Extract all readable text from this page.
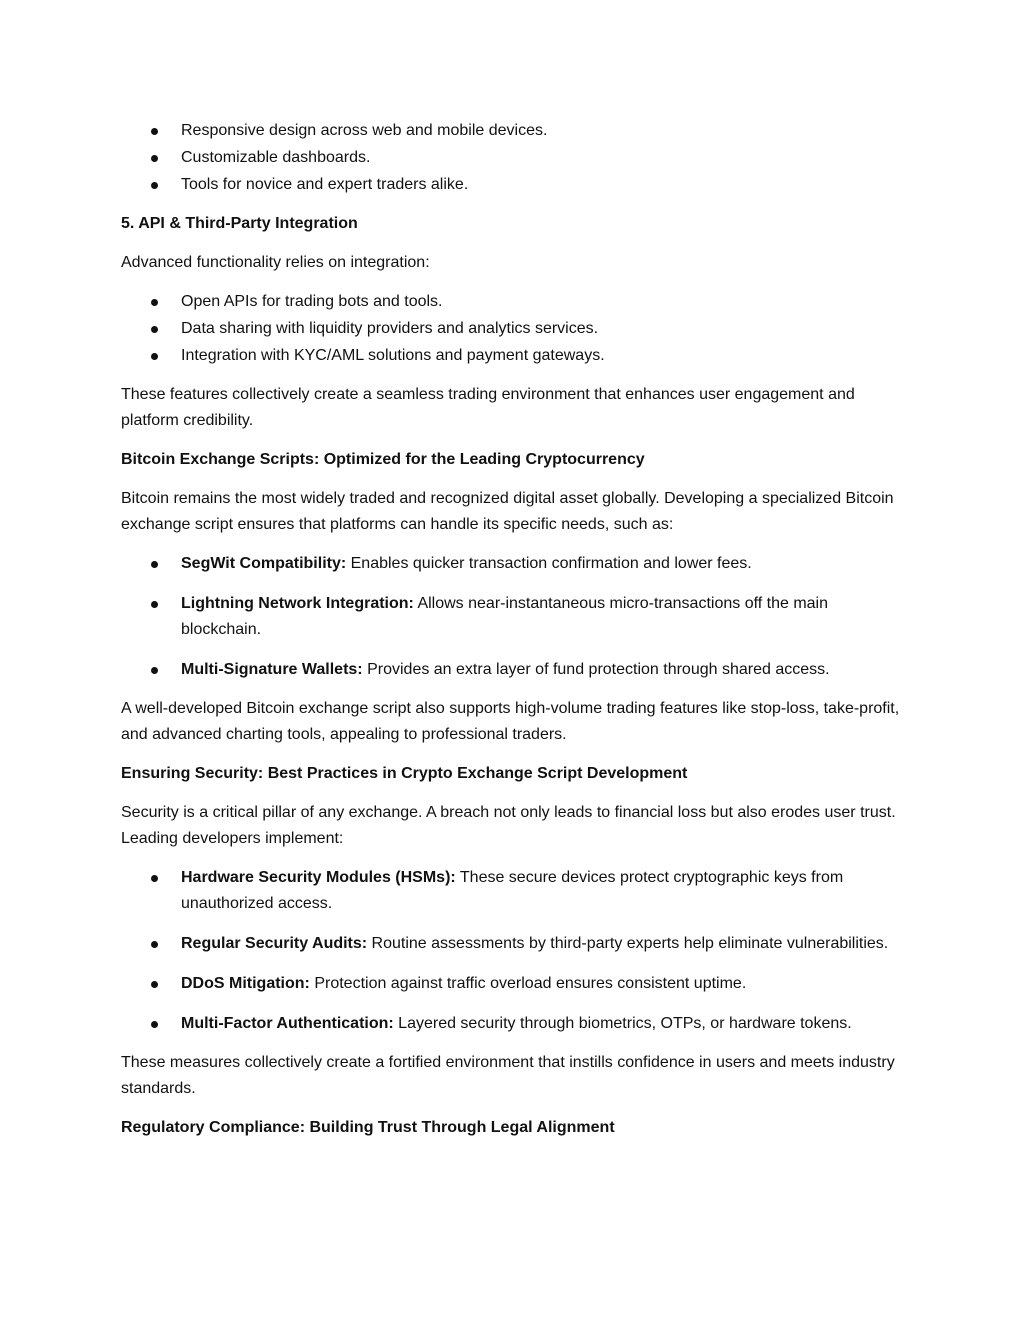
Responsive design across web and mobile devices.
Customizable dashboards.
Tools for novice and expert traders alike.
5. API & Third-Party Integration

Advanced functionality relies on integration:

Open APIs for trading bots and tools.
Data sharing with liquidity providers and analytics services.
Integration with KYC/AML solutions and payment gateways.

These features collectively create a seamless trading environment that enhances user engagement and platform credibility.

Bitcoin Exchange Scripts: Optimized for the Leading Cryptocurrency

Bitcoin remains the most widely traded and recognized digital asset globally. Developing a specialized Bitcoin exchange script ensures that platforms can handle its specific needs, such as:

SegWit Compatibility: Enables quicker transaction confirmation and lower fees.
Lightning Network Integration: Allows near-instantaneous micro-transactions off the main blockchain.
Multi-Signature Wallets: Provides an extra layer of fund protection through shared access.

A well-developed Bitcoin exchange script also supports high-volume trading features like stop-loss, take-profit, and advanced charting tools, appealing to professional traders.

Ensuring Security: Best Practices in Crypto Exchange Script Development

Security is a critical pillar of any exchange. A breach not only leads to financial loss but also erodes user trust. Leading developers implement:

Hardware Security Modules (HSMs): These secure devices protect cryptographic keys from unauthorized access.
Regular Security Audits: Routine assessments by third-party experts help eliminate vulnerabilities.
DDoS Mitigation: Protection against traffic overload ensures consistent uptime.
Multi-Factor Authentication: Layered security through biometrics, OTPs, or hardware tokens.

These measures collectively create a fortified environment that instills confidence in users and meets industry standards.

Regulatory Compliance: Building Trust Through Legal Alignment
